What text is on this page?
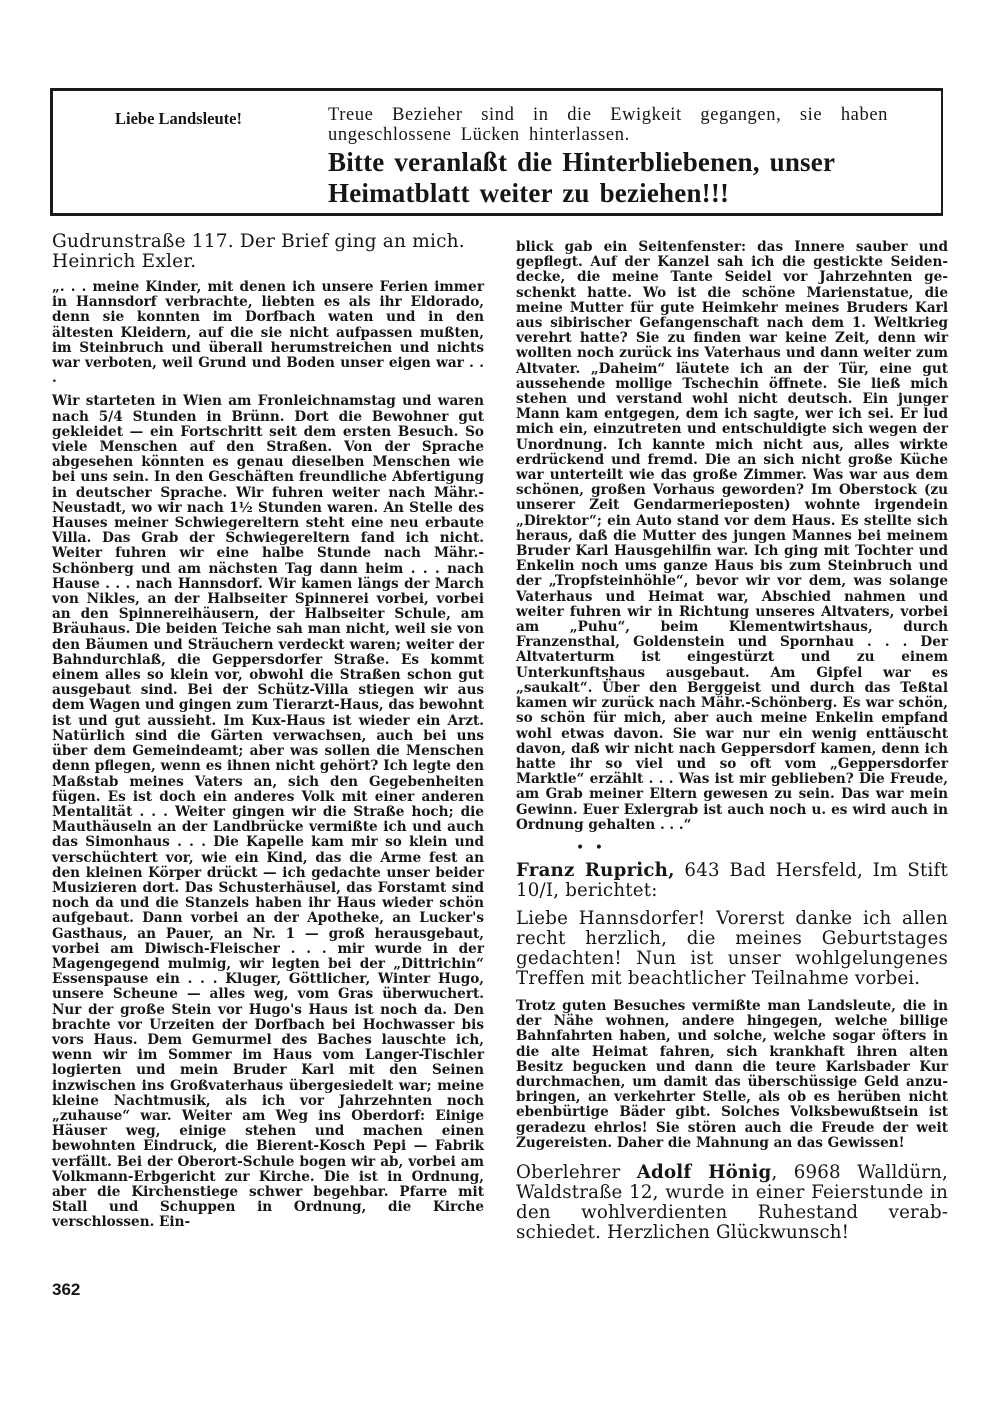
Liebe Landsleute!	Treue Bezieher sind in die Ewigkeit gegangen, sie haben ungeschlossene Lücken hinterlassen.
Bitte veranlaßt die Hinterbliebenen, unser Heimatblatt weiter zu beziehen!!!

Gudrunstraße 117. Der Brief ging an mich. Heinrich Exler.

„. . . meine Kinder, mit denen ich unsere Ferien immer in Hannsdorf verbrachte, liebten es als ihr Eldorado, denn sie konnten im Dorfbach waten und in den ältesten Kleidern, auf die sie nicht aufpassen mußten, im Steinbruch und überall herumstreichen und nichts war verboten, weil Grund und Boden unser eigen war . . .

Wir starteten in Wien am Fronleichnamstag und waren nach 5/4 Stunden in Brünn. Dort die Bewohner gut gekleidet — ein Fortschritt seit dem ersten Besuch. So viele Menschen auf den Straßen. Von der Sprache abgesehen könnten es genau dieselben Menschen wie bei uns sein. In den Geschäften freundliche Abfertigung in deutscher Sprache. Wir fuhren weiter nach Mähr.-Neustadt, wo wir nach 1½ Stunden waren. An Stelle des Hauses meiner Schwiegereltern steht eine neu erbaute Villa. Das Grab der Schwiegereltern fand ich nicht. Weiter fuhren wir eine halbe Stunde nach Mähr.-Schönberg und am nächsten Tag dann heim . . . nach Hause . . . nach Hannsdorf. Wir kamen längs der March von Nikles, an der Halbseiter Spinnerei vorbei, vorbei an den Spinnereihäusern, der Halbseiter Schule, am Bräuhaus. Die beiden Teiche sah man nicht, weil sie von den Bäumen und Sträuchern verdeckt waren; weiter der Bahndurchlaß, die Geppersdorfer Straße. Es kommt einem alles so klein vor, obwohl die Straßen schon gut ausgebaut sind. Bei der Schütz-Villa stiegen wir aus dem Wagen und gingen zum Tierarzt-Haus, das bewohnt ist und gut aussieht. Im Kux-Haus ist wieder ein Arzt. Natürlich sind die Gärten verwachsen, auch bei uns über dem Gemeindeamt; aber was sollen die Menschen denn pflegen, wenn es ihnen nicht gehört? Ich legte den Maßstab meines Vaters an, sich den Gegebenheiten fügen. Es ist doch ein anderes Volk mit einer anderen Mentalität . . . Weiter gingen wir die Straße hoch; die Mauthäuseln an der Landbrücke vermißte ich und auch das Simonhaus . . . Die Kapelle kam mir so klein und verschüchtert vor, wie ein Kind, das die Arme fest an den kleinen Körper drückt — ich gedachte unser beider Musizieren dort. Das Schusterhäusel, das Forstamt sind noch da und die Stanzels haben ihr Haus wieder schön aufgebaut. Dann vorbei an der Apotheke, an Lucker's Gasthaus, an Pauer, an Nr. 1 — groß herausgebaut, vorbei am Diwisch-Fleischer . . . mir wurde in der Magengegend mulmig, wir legten bei der „Dittrichin“ Essenspause ein . . . Kluger, Göttlicher, Winter Hugo, unsere Scheune — alles weg, vom Gras überwuchert. Nur der große Stein vor Hugo's Haus ist noch da. Den brachte vor Urzeiten der Dorfbach bei Hochwasser bis vors Haus. Dem Gemurmel des Baches lauschte ich, wenn wir im Sommer im Haus vom Langer-Tischler logierten und mein Bruder Karl mit den Seinen inzwischen ins Großvaterhaus übergesiedelt war; meine kleine Nachtmusik, als ich vor Jahrzehnten noch „zuhause“ war. Weiter am Weg ins Oberdorf: Einige Häuser weg, einige stehen und machen einen bewohnten Eindruck, die Bierent-Kosch Pepi — Fabrik verfällt. Bei der Oberort-Schule bogen wir ab, vorbei am Volkmann-Erbgericht zur Kirche. Die ist in Ordnung, aber die Kirchenstiege schwer begehbar. Pfarre mit Stall und Schuppen in Ordnung, die Kirche verschlossen. Ein-

blick gab ein Seitenfenster: das Innere sauber und gepflegt. Auf der Kanzel sah ich die gestickte Seidendecke, die meine Tante Seidel vor Jahrzehnten geschenkt hatte. Wo ist die schöne Marienstatue, die meine Mutter für gute Heimkehr meines Bruders Karl aus sibirischer Gefangenschaft nach dem 1. Weltkrieg verehrt hatte? Sie zu finden war keine Zeit, denn wir wollten noch zurück ins Vaterhaus und dann weiter zum Altvater. „Daheim“ läutete ich an der Tür, eine gut aussehende mollige Tschechin öffnete. Sie ließ mich stehen und verstand wohl nicht deutsch. Ein junger Mann kam entgegen, dem ich sagte, wer ich sei. Er lud mich ein, einzutreten und entschuldigte sich wegen der Unordnung. Ich kannte mich nicht aus, alles wirkte erdrückend und fremd. Die an sich nicht große Küche war unterteilt wie das große Zimmer. Was war aus dem schönen, großen Vorhaus geworden? Im Oberstock (zu unserer Zeit Gendarmerieposten) wohnte irgendein „Direktor“; ein Auto stand vor dem Haus. Es stellte sich heraus, daß die Mutter des jungen Mannes bei meinem Bruder Karl Hausgehilfin war. Ich ging mit Tochter und Enkelin noch ums ganze Haus bis zum Steinbruch und der „Tropfsteinhöhle“, bevor wir vor dem, was solange Vaterhaus und Heimat war, Abschied nahmen und weiter fuhren wir in Richtung unseres Altvaters, vorbei am „Puhu“, beim Klementwirtshaus, durch Franzensthal, Goldenstein und Spornhau . . . Der Altvaterturm ist eingestürzt und zu einem Unterkunftshaus ausgebaut. Am Gipfel war es „saukalt“. Über den Berggeist und durch das Teßtal kamen wir zurück nach Mähr.-Schönberg. Es war schön, so schön für mich, aber auch meine Enkelin empfand wohl etwas davon. Sie war nur ein wenig enttäuscht davon, daß wir nicht nach Geppersdorf kamen, denn ich hatte ihr so viel und so oft vom „Geppersdorfer Marktle“ erzählt . . . Was ist mir geblieben? Die Freude, am Grab meiner Eltern gewesen zu sein. Das war mein Gewinn. Euer Exlergrab ist auch noch u. es wird auch in Ordnung gehalten . . .“

• •

Franz Ruprich, 643 Bad Hersfeld, Im Stift 10/I, berichtet:

Liebe Hannsdorfer! Vorerst danke ich allen recht herzlich, die meines Geburtstages gedachten! Nun ist unser wohlgelungenes Treffen mit beachtlicher Teilnahme vorbei.

Trotz guten Besuches vermißte man Landsleute, die in der Nähe wohnen, andere hingegen, welche billige Bahnfahrten haben, und solche, welche sogar öfters in die alte Heimat fahren, sich krankhaft ihren alten Besitz begucken und dann die teure Karlsbader Kur durchmachen, um damit das überschüssige Geld anzubringen, an verkehrter Stelle, als ob es herüben nicht ebenbürtige Bäder gibt. Solches Volksbewußtsein ist geradezu ehrlos! Sie stören auch die Freude der weit Zugereisten. Daher die Mahnung an das Gewissen!

Oberlehrer Adolf Hönig, 6968 Walldürn, Waldstraße 12, wurde in einer Feierstunde in den wohlverdienten Ruhestand verabschiedet. Herzlichen Glückwunsch!

362
